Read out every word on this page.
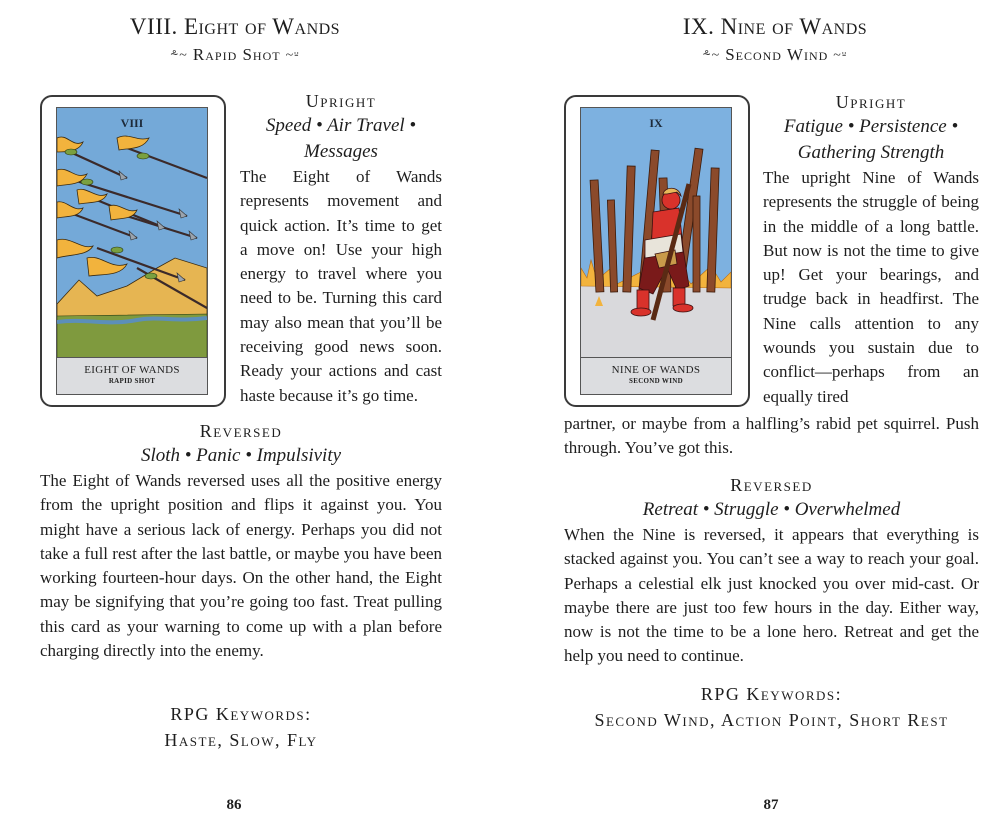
VIII. Eight of Wands
⸛~ Rapid Shot ~⸚
VIII
EIGHT OF WANDS
RAPID SHOT
Upright
Speed • Air Travel •
Messages
The Eight of Wands represents movement and quick action. It’s time to get a move on! Use your high energy to travel where you need to be. Turning this card may also mean that you’ll be receiving good news soon. Ready your actions and cast haste because it’s go time.
Reversed
Sloth • Panic • Impulsivity
The Eight of Wands reversed uses all the positive energy from the upright position and flips it against you. You might have a serious lack of energy. Perhaps you did not take a full rest after the last battle, or maybe you have been working fourteen-hour days. On the other hand, the Eight may be signifying that you’re going too fast. Treat pulling this card as your warning to come up with a plan before charging directly into the enemy.
RPG Keywords:
Haste, Slow, Fly
86
IX. Nine of Wands
⸛~ Second Wind ~⸚
IX
NINE OF WANDS
SECOND WIND
Upright
Fatigue • Persistence •
Gathering Strength
The upright Nine of Wands represents the struggle of being in the middle of a long battle. But now is not the time to give up! Get your bearings, and trudge back in headfirst. The Nine calls attention to any wounds you sustain due to conflict—perhaps from an equally tired
partner, or maybe from a halfling’s rabid pet squirrel. Push through. You’ve got this.
Reversed
Retreat • Struggle • Overwhelmed
When the Nine is reversed, it appears that everything is stacked against you. You can’t see a way to reach your goal. Perhaps a celestial elk just knocked you over mid-cast. Or maybe there are just too few hours in the day. Either way, now is not the time to be a lone hero. Retreat and get the help you need to continue.
RPG Keywords:
Second Wind, Action Point, Short Rest
87
